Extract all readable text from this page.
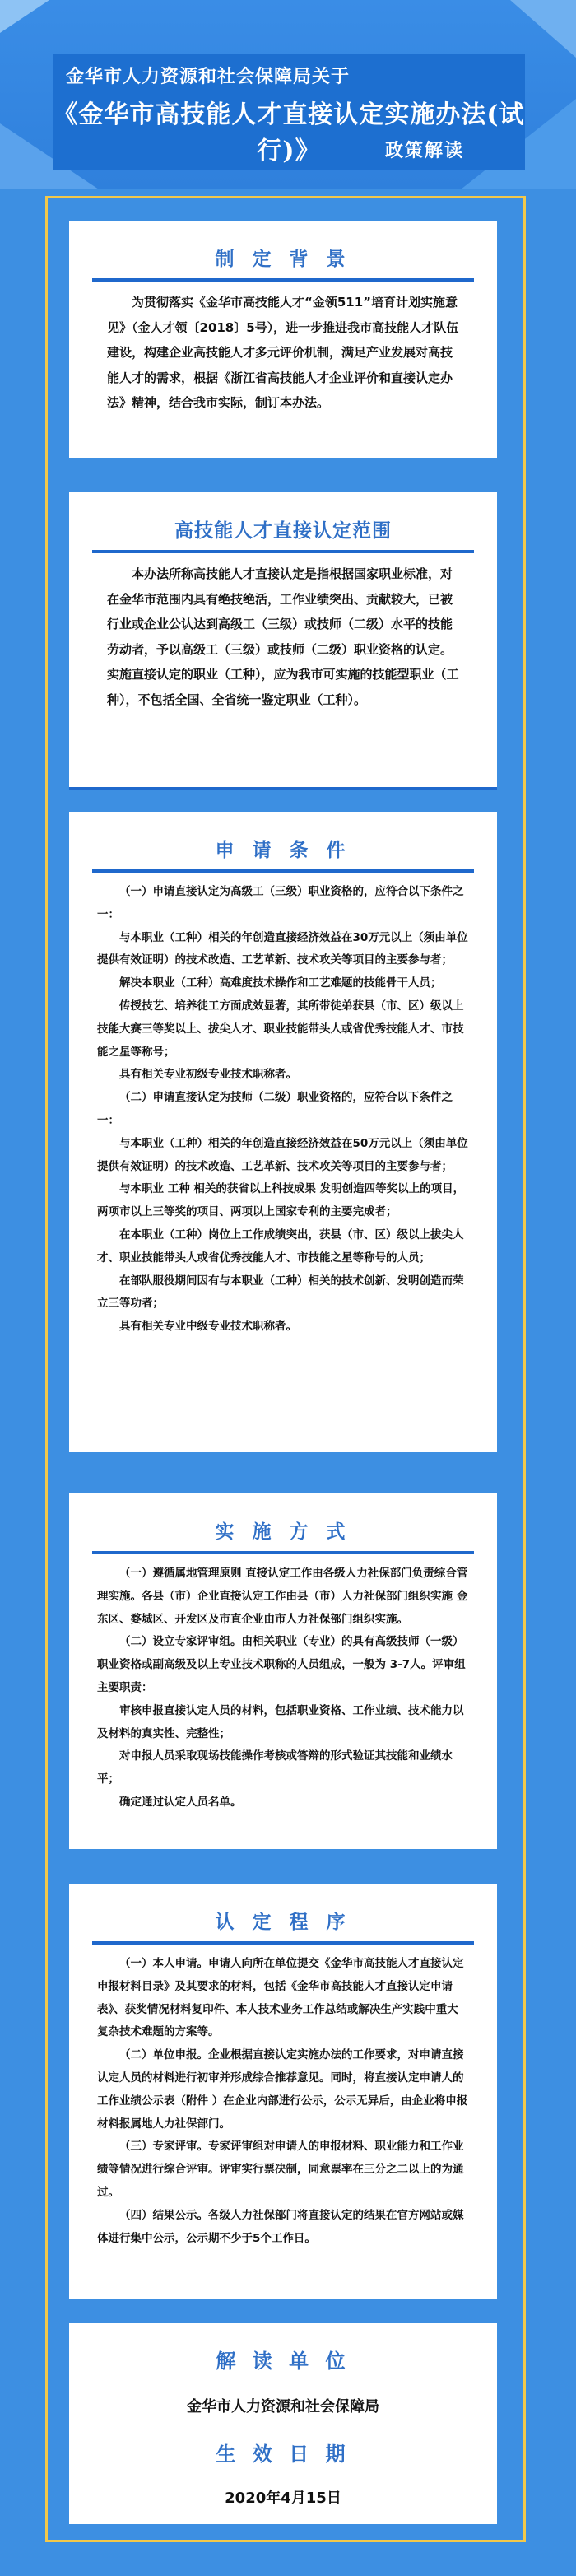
金华市人力资源和社会保障局关于
《金华市高技能人才直接认定实施办法(试行)》	政策解读
制 定 背 景

为贯彻落实《金华市高技能人才“金领511”培育计划实施意见》（金人才领〔2018〕5号），进一步推进我市高技能人才队伍建设，构建企业高技能人才多元评价机制，满足产业发展对高技能人才的需求，根据《浙江省高技能人才企业评价和直接认定办法》精神，结合我市实际，制订本办法。

高技能人才直接认定范围

本办法所称高技能人才直接认定是指根据国家职业标准，对在金华市范围内具有绝技绝活，工作业绩突出、贡献较大，已被行业或企业公认达到高级工（三级）或技师（二级）水平的技能劳动者，予以高级工（三级）或技师（二级）职业资格的认定。实施直接认定的职业（工种），应为我市可实施的技能型职业（工种），不包括全国、全省统一鉴定职业（工种）。

申 请 条 件

（一）申请直接认定为高级工（三级）职业资格的，应符合以下条件之一：

与本职业（工种）相关的年创造直接经济效益在30万元以上（须由单位提供有效证明）的技术改造、工艺革新、技术攻关等项目的主要参与者；

解决本职业（工种）高难度技术操作和工艺难题的技能骨干人员；

传授技艺、培养徒工方面成效显著，其所带徒弟获县（市、区）级以上技能大赛三等奖以上、拔尖人才、职业技能带头人或省优秀技能人才、市技能之星等称号；

具有相关专业初级专业技术职称者。

（二）申请直接认定为技师（二级）职业资格的，应符合以下条件之一：

与本职业（工种）相关的年创造直接经济效益在50万元以上（须由单位提供有效证明）的技术改造、工艺革新、技术攻关等项目的主要参与者；

与本职业 工种 相关的获省以上科技成果 发明创造四等奖以上的项目，两项市以上三等奖的项目、两项以上国家专利的主要完成者；

在本职业（工种）岗位上工作成绩突出，获县（市、区）级以上拔尖人才、职业技能带头人或省优秀技能人才、市技能之星等称号的人员；

在部队服役期间因有与本职业（工种）相关的技术创新、发明创造而荣立三等功者；

具有相关专业中级专业技术职称者。

实 施 方 式

（一）遵循属地管理原则 直接认定工作由各级人力社保部门负责综合管理实施。各县（市）企业直接认定工作由县（市）人力社保部门组织实施 金东区、婺城区、开发区及市直企业由市人力社保部门组织实施。

（二）设立专家评审组。由相关职业（专业）的具有高级技师（一级）职业资格或副高级及以上专业技术职称的人员组成，一般为 3-7人。评审组主要职责：

审核申报直接认定人员的材料，包括职业资格、工作业绩、技术能力以及材料的真实性、完整性；

对申报人员采取现场技能操作考核或答辩的形式验证其技能和业绩水平；

确定通过认定人员名单。

认 定 程 序

（一）本人申请。申请人向所在单位提交《金华市高技能人才直接认定申报材料目录》及其要求的材料，包括《金华市高技能人才直接认定申请表》、获奖情况材料复印件、本人技术业务工作总结或解决生产实践中重大复杂技术难题的方案等。

（二）单位申报。企业根据直接认定实施办法的工作要求，对申请直接认定人员的材料进行初审并形成综合推荐意见。同时，将直接认定申请人的工作业绩公示表（附件 ）在企业内部进行公示，公示无异后，由企业将申报材料报属地人力社保部门。

（三）专家评审。专家评审组对申请人的申报材料、职业能力和工作业绩等情况进行综合评审。评审实行票决制，同意票率在三分之二以上的为通过。

（四）结果公示。各级人力社保部门将直接认定的结果在官方网站或媒体进行集中公示，公示期不少于5个工作日。

解 读 单 位
金华市人力资源和社会保障局
生 效 日 期
2020年4月15日
